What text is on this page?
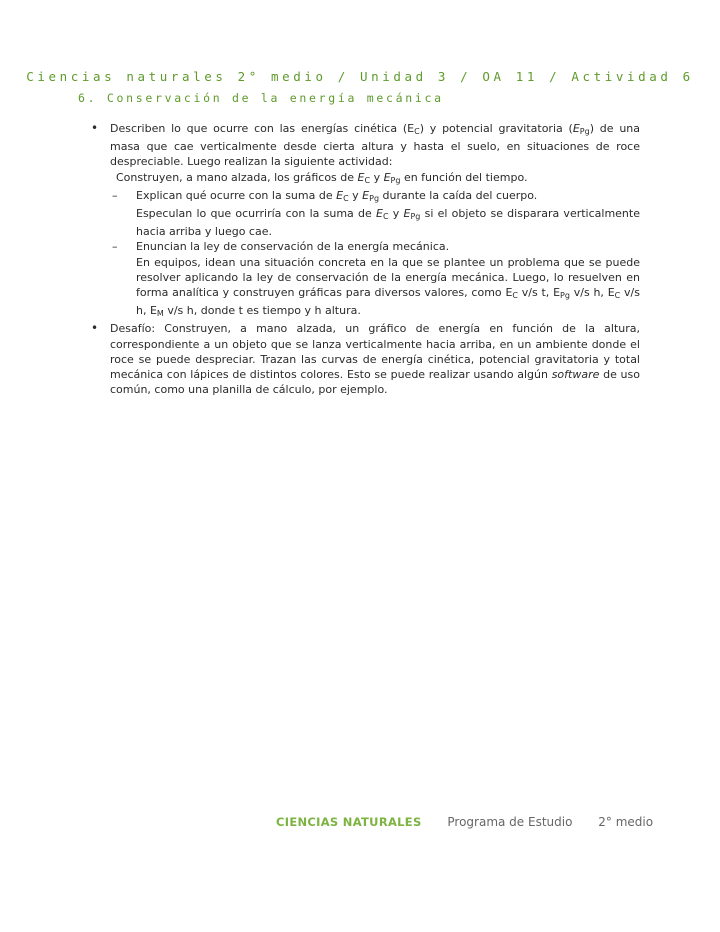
Ciencias naturales 2° medio / Unidad 3 / OA 11 / Actividad 6
6. Conservación de la energía mecánica
• Describen lo que ocurre con las energías cinética $(E_C)$ y potencial gravitatoria $(E_{Pg})$ de una masa que cae verticalmente desde cierta altura y hasta el suelo, en situaciones de roce despreciable. Luego realizan la siguiente actividad:
Construyen, a mano alzada, los gráficos de $E_C$ y $E_{Pg}$ en función del tiempo.
– Explican qué ocurre con la suma de $E_C$ y $E_{Pg}$ durante la caída del cuerpo.
Especulan lo que ocurriría con la suma de $E_C$ y $E_{Pg}$ si el objeto se disparara verticalmente hacia arriba y luego cae.
– Enuncian la ley de conservación de la energía mecánica.
En equipos, idean una situación concreta en la que se plantee un problema que se puede resolver aplicando la ley de conservación de la energía mecánica. Luego, lo resuelven en forma analítica y construyen gráficas para diversos valores, como $E_C$ v/s t, $E_{Pg}$ v/s h, $E_C$ v/s h, $E_M$ v/s h, donde t es tiempo y h altura.
• Desafío: Construyen, a mano alzada, un gráfico de energía en función de la altura, correspondiente a un objeto que se lanza verticalmente hacia arriba, en un ambiente donde el roce se puede despreciar. Trazan las curvas de energía cinética, potencial gravitatoria y total mecánica con lápices de distintos colores. Esto se puede realizar usando algún software de uso común, como una planilla de cálculo, por ejemplo.
CIENCIAS NATURALES Programa de Estudio 2° medio
